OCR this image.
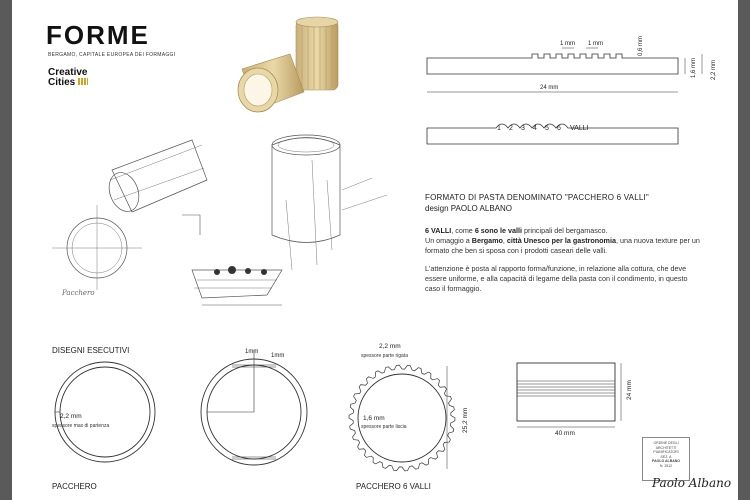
FORME
BERGAMO, CAPITALE EUROPEA DEI FORMAGGI
Creative
Cities
1 mm 1 mm	0,6 mm
1,6 mm 2,2 mm
24 mm
1 2 3 4 5 6 VALLI
Pacchero
FORMATO DI PASTA DENOMINATO "PACCHERO 6 VALLI"
design PAOLO ALBANO

6 VALLI, come 6 sono le valli principali del bergamasco.
Un omaggio a Bergamo, città Unesco per la gastronomia, una nuova texture per un formato che ben si sposa con i prodotti caseari delle valli.

L'attenzione è posta al rapporto forma/funzione, in relazione alla cottura, che deve essere uniforme, e alla capacità di legame della pasta con il condimento, in questo caso il formaggio.

DISEGNI ESECUTIVI
2,2 mm
spessore max di partenza
PACCHERO
1mm
1mm
2,2 mm
spessore parte rigata
1,6 mm
spessore parte liscia	25,2 mm
PACCHERO 6 VALLI
24 mm
40 mm
ORDINE DEGLI
ARCHITETTI
PIANIFICATORI
SEZ. A
PAOLO ALBANO
N. 2512
Paolo Albano
